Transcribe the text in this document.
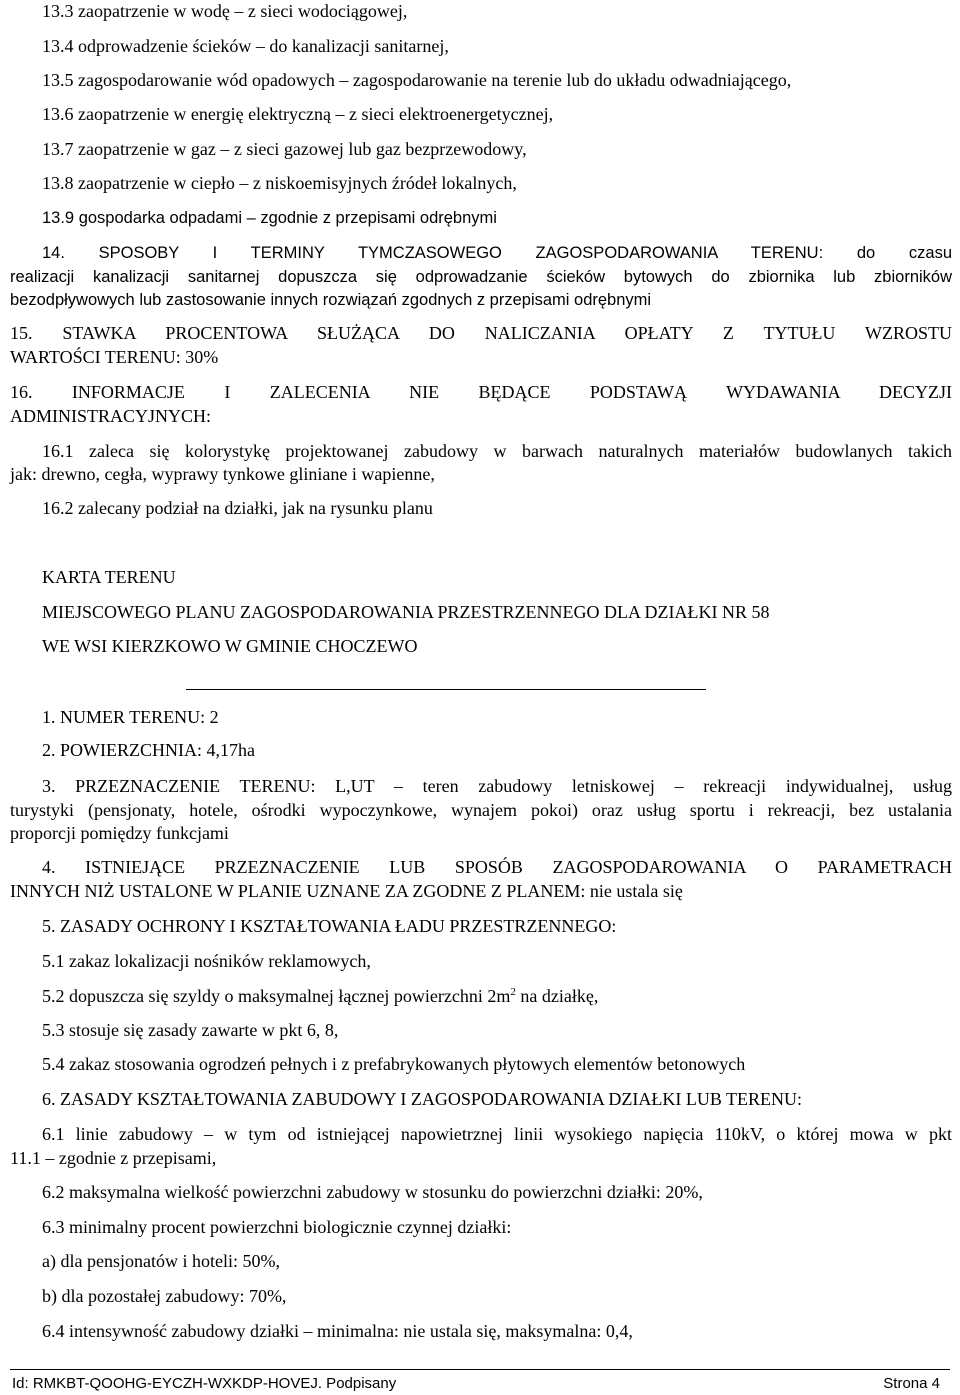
13.3 zaopatrzenie w wodę – z sieci wodociągowej,
13.4 odprowadzenie ścieków – do kanalizacji sanitarnej,
13.5 zagospodarowanie wód opadowych – zagospodarowanie na terenie lub do układu odwadniającego,
13.6 zaopatrzenie w energię elektryczną – z sieci elektroenergetycznej,
13.7 zaopatrzenie w gaz – z sieci gazowej lub gaz bezprzewodowy,
13.8 zaopatrzenie w ciepło – z niskoemisyjnych źródeł lokalnych,
13.9 gospodarka odpadami – zgodnie z przepisami odrębnymi
14. SPOSOBY I TERMINY TYMCZASOWEGO ZAGOSPODAROWANIA TERENU: do czasu
realizacji kanalizacji sanitarnej dopuszcza się odprowadzanie ścieków bytowych do zbiornika lub zbiorników
bezodpływowych lub zastosowanie innych rozwiązań zgodnych z przepisami odrębnymi
15. STAWKA PROCENTOWA SŁUŻĄCA DO NALICZANIA OPŁATY Z TYTUŁU WZROSTU
WARTOŚCI TERENU: 30%
16. INFORMACJE I ZALECENIA NIE BĘDĄCE PODSTAWĄ WYDAWANIA DECYZJI
ADMINISTRACYJNYCH:
16.1 zaleca się kolorystykę projektowanej zabudowy w barwach naturalnych materiałów budowlanych takich
jak: drewno, cegła, wyprawy tynkowe gliniane i wapienne,
16.2 zalecany podział na działki, jak na rysunku planu
KARTA TERENU
MIEJSCOWEGO PLANU ZAGOSPODAROWANIA PRZESTRZENNEGO DLA DZIAŁKI NR 58
WE WSI KIERZKOWO W GMINIE CHOCZEWO
1. NUMER TERENU: 2
2. POWIERZCHNIA: 4,17ha
3. PRZEZNACZENIE TERENU: L,UT – teren zabudowy letniskowej – rekreacji indywidualnej, usług
turystyki (pensjonaty, hotele, ośrodki wypoczynkowe, wynajem pokoi) oraz usług sportu i rekreacji, bez ustalania
proporcji pomiędzy funkcjami
4. ISTNIEJĄCE PRZEZNACZENIE LUB SPOSÓB ZAGOSPODAROWANIA O PARAMETRACH
INNYCH NIŻ USTALONE W PLANIE UZNANE ZA ZGODNE Z PLANEM: nie ustala się
5. ZASADY OCHRONY I KSZTAŁTOWANIA ŁADU PRZESTRZENNEGO:
5.1 zakaz lokalizacji nośników reklamowych,
5.2 dopuszcza się szyldy o maksymalnej łącznej powierzchni $2m^2$ na działkę,
5.3 stosuje się zasady zawarte w pkt 6, 8,
5.4 zakaz stosowania ogrodzeń pełnych i z prefabrykowanych płytowych elementów betonowych
6. ZASADY KSZTAŁTOWANIA ZABUDOWY I ZAGOSPODAROWANIA DZIAŁKI LUB TERENU:
6.1 linie zabudowy – w tym od istniejącej napowietrznej linii wysokiego napięcia 110kV, o której mowa w pkt
11.1 – zgodnie z przepisami,
6.2 maksymalna wielkość powierzchni zabudowy w stosunku do powierzchni działki: 20%,
6.3 minimalny procent powierzchni biologicznie czynnej działki:
a) dla pensjonatów i hoteli: 50%,
b) dla pozostałej zabudowy: 70%,
6.4 intensywność zabudowy działki – minimalna: nie ustala się, maksymalna: 0,4,
Id: RMKBT-QOOHG-EYCZH-WXKDP-HOVEJ. Podpisany	Strona 4
